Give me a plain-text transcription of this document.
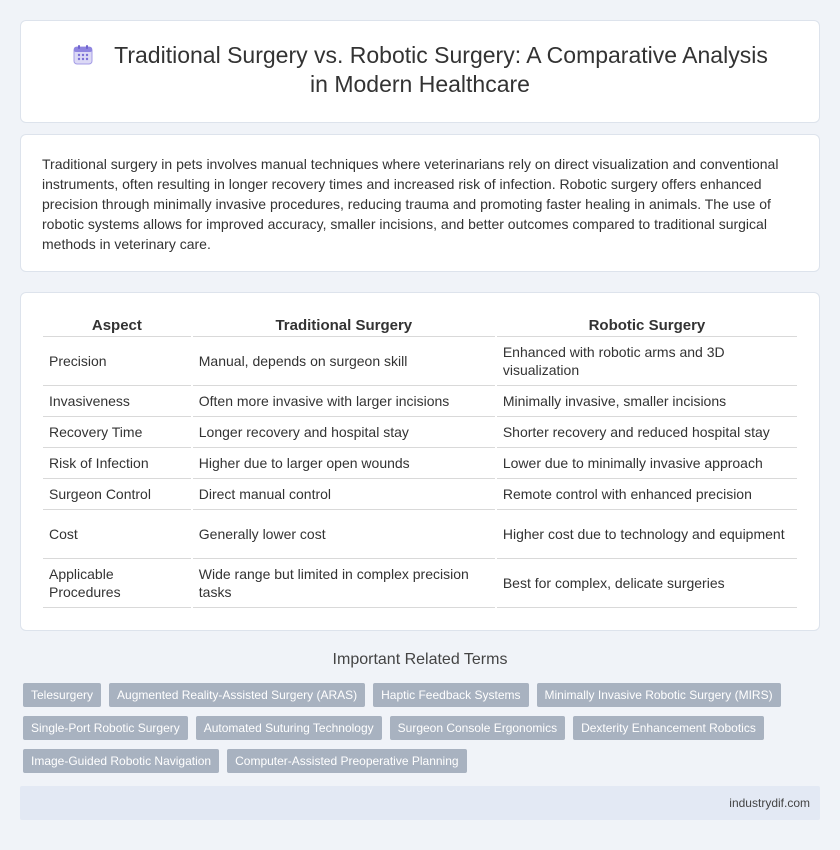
Traditional Surgery vs. Robotic Surgery: A Comparative Analysis in Modern Healthcare

Traditional surgery in pets involves manual techniques where veterinarians rely on direct visualization and conventional instruments, often resulting in longer recovery times and increased risk of infection. Robotic surgery offers enhanced precision through minimally invasive procedures, reducing trauma and promoting faster healing in animals. The use of robotic systems allows for improved accuracy, smaller incisions, and better outcomes compared to traditional surgical methods in veterinary care.

Aspect	Traditional Surgery	Robotic Surgery
Precision	Manual, depends on surgeon skill	Enhanced with robotic arms and 3D visualization
Invasiveness	Often more invasive with larger incisions	Minimally invasive, smaller incisions
Recovery Time	Longer recovery and hospital stay	Shorter recovery and reduced hospital stay
Risk of Infection	Higher due to larger open wounds	Lower due to minimally invasive approach
Surgeon Control	Direct manual control	Remote control with enhanced precision
Cost	Generally lower cost	Higher cost due to technology and equipment
Applicable Procedures	Wide range but limited in complex precision tasks	Best for complex, delicate surgeries
Important Related Terms
Telesurgery	Augmented Reality-Assisted Surgery (ARAS)	Haptic Feedback Systems	Minimally Invasive Robotic Surgery (MIRS)
Single-Port Robotic Surgery	Automated Suturing Technology	Surgeon Console Ergonomics	Dexterity Enhancement Robotics
Image-Guided Robotic Navigation	Computer-Assisted Preoperative Planning
industrydif.com
